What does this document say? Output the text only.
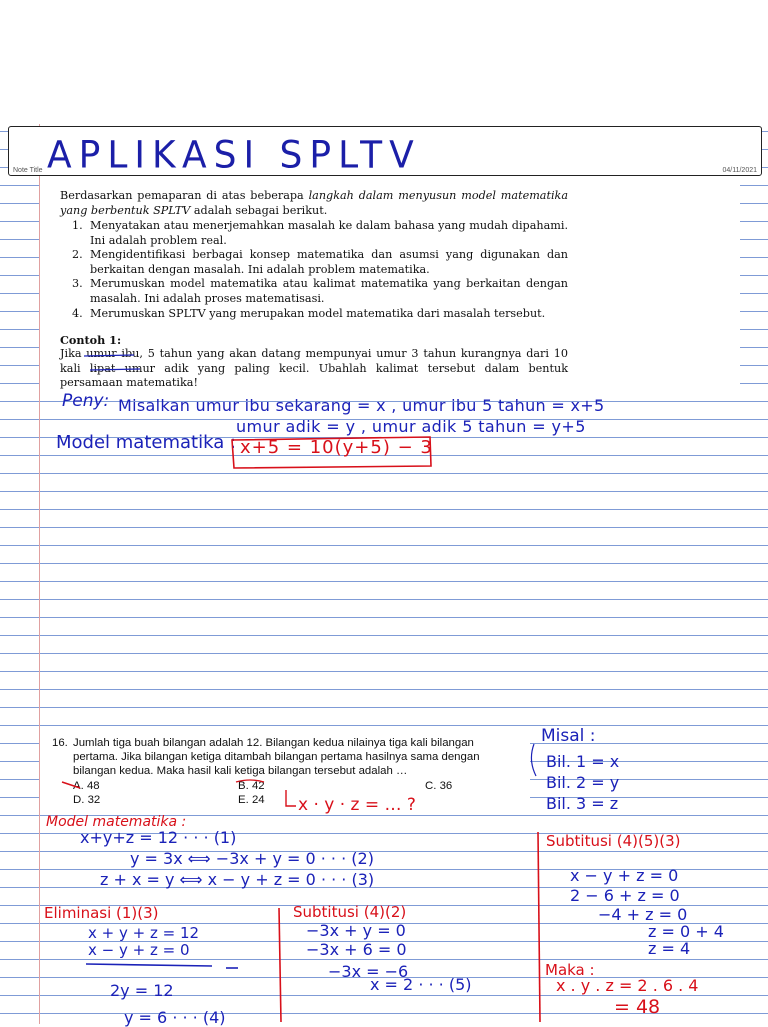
Note Title	04/11/2021
APLIKASI SPLTV

Berdasarkan pemaparan di atas beberapa langkah dalam menyusun model matematika yang berbentuk SPLTV adalah sebagai berikut.

1. Menyatakan atau menerjemahkan masalah ke dalam bahasa yang mudah dipahami. Ini adalah problem real.
2. Mengidentifikasi berbagai konsep matematika dan asumsi yang digunakan dan berkaitan dengan masalah. Ini adalah problem matematika.
3. Merumuskan model matematika atau kalimat matematika yang berkaitan dengan masalah. Ini adalah proses matematisasi.
4. Merumuskan SPLTV yang merupakan model matematika dari masalah tersebut.

Contoh 1:

Jika umur ibu, 5 tahun yang akan datang mempunyai umur 3 tahun kurangnya dari 10 kali lipat umur adik yang paling kecil. Ubahlah kalimat tersebut dalam bentuk persamaan matematika!

Peny: Misalkan umur ibu sekarang = x , umur ibu 5 tahun = x+5
umur adik = y , umur adik 5 tahun = y+5
Model matematika : x+5 = 10(y+5) − 3
16. Jumlah tiga buah bilangan adalah 12. Bilangan kedua nilainya tiga kali bilangan
pertama. Jika bilangan ketiga ditambah bilangan pertama hasilnya sama dengan
bilangan kedua. Maka hasil kali ketiga bilangan tersebut adalah …
A. 48	B. 42	C. 36
D. 32	E. 24 x · y · z = … ?
Misal :
Bil. 1 = x
Bil. 2 = y
Bil. 3 = z
Model matematika :
x+y+z = 12 · · · (1)
y = 3x ⟺ −3x + y = 0 · · · (2)
z + x = y ⟺ x − y + z = 0 · · · (3)
Eliminasi (1)(3)
x + y + z = 12
x − y + z = 0
2y = 12
y = 6 · · · (4)
Subtitusi (4)(2)
−3x + y = 0
−3x + 6 = 0
−3x = −6
x = 2 · · · (5)
Subtitusi (4)(5)(3)
x − y + z = 0
2 − 6 + z = 0
−4 + z = 0
z = 0 + 4
z = 4
Maka :
x . y . z = 2 . 6 . 4
= 48
